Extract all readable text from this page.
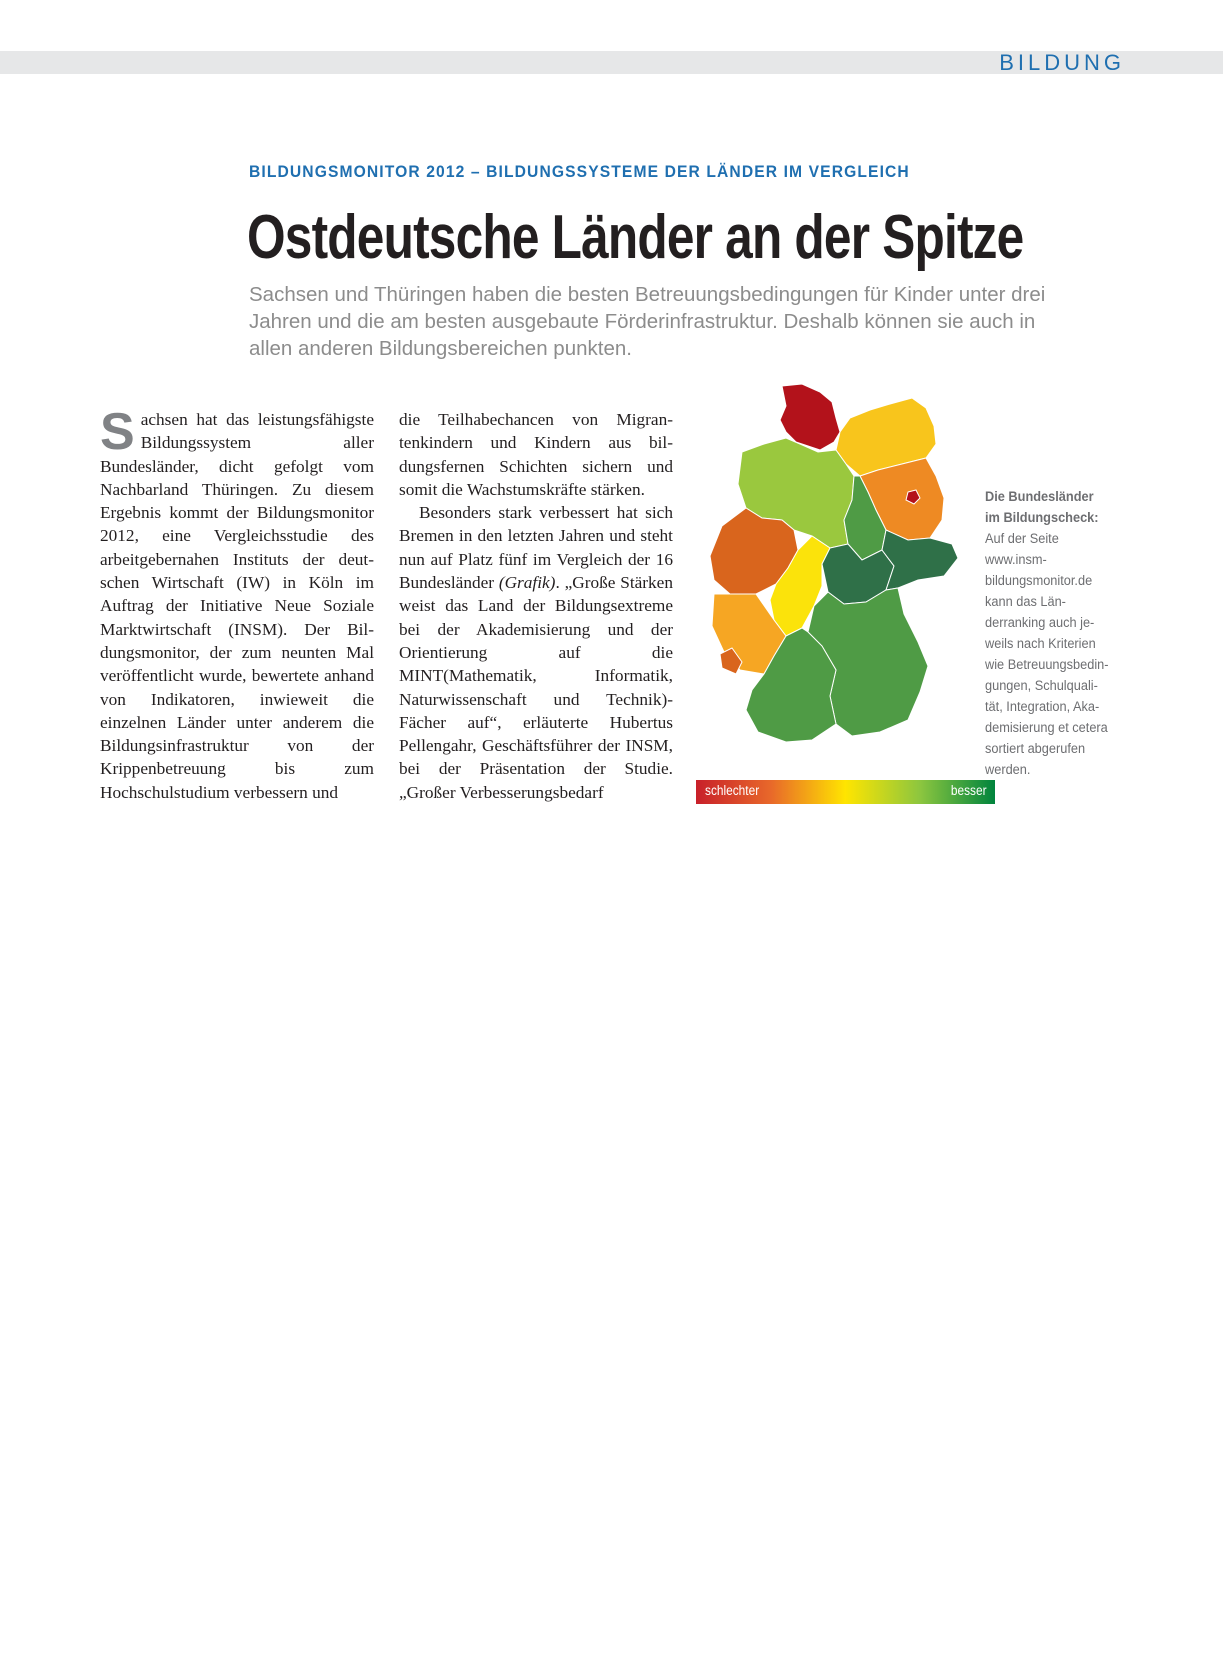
BILDUNG
BILDUNGSMONITOR 2012 – BILDUNGSSYSTEME DER LÄNDER IM VERGLEICH
Ostdeutsche Länder an der Spitze
Sachsen und Thüringen haben die besten Betreuungsbedingungen für Kinder unter drei Jahren und die am besten ausgebaute Förderinfrastruktur. Deshalb können sie auch in allen anderen Bildungsbereichen punkten.
S achsen hat das leistungsfähigste Bildungssystem aller Bundesländer, dicht gefolgt vom Nachbarland Thüringen. Zu diesem Ergebnis kommt der Bildungsmonitor 2012, eine Vergleichsstudie des arbeitgebernahen Instituts der deutschen Wirtschaft (IW) in Köln im Auftrag der Initiative Neue Soziale Marktwirtschaft (INSM). Der Bildungsmonitor, der zum neunten Mal veröffentlicht wurde, bewertete anhand von Indikatoren, inwieweit die einzelnen Länder unter anderem die Bildungsinfrastruktur von der Krippenbetreuung bis zum Hochschulstudium verbessern und

die Teilhabechancen von Migrantenkindern und Kindern aus bildungsfernen Schichten sichern und somit die Wachstumskräfte stärken.

Besonders stark verbessert hat sich Bremen in den letzten Jahren und steht nun auf Platz fünf im Vergleich der 16 Bundesländer (Grafik). „Große Stärken weist das Land der Bildungsextreme bei der Akademisierung und der Orientierung auf die MINT(Mathematik, Informatik, Naturwissenschaft und Technik)-Fächer auf“, erläuterte Hubertus Pellengahr, Geschäftsführer der INSM, bei der Präsentation der Studie. „Großer Verbesserungsbedarf	schlechter	besser
Die Bundesländer im Bildungscheck:
Auf der Seite www.insm-bildungsmonitor.de kann das Länderranking auch jeweils nach Kriterien wie Betreuungsbedingungen, Schulqualität, Integration, Akademisierung et cetera sortiert abgerufen werden.
